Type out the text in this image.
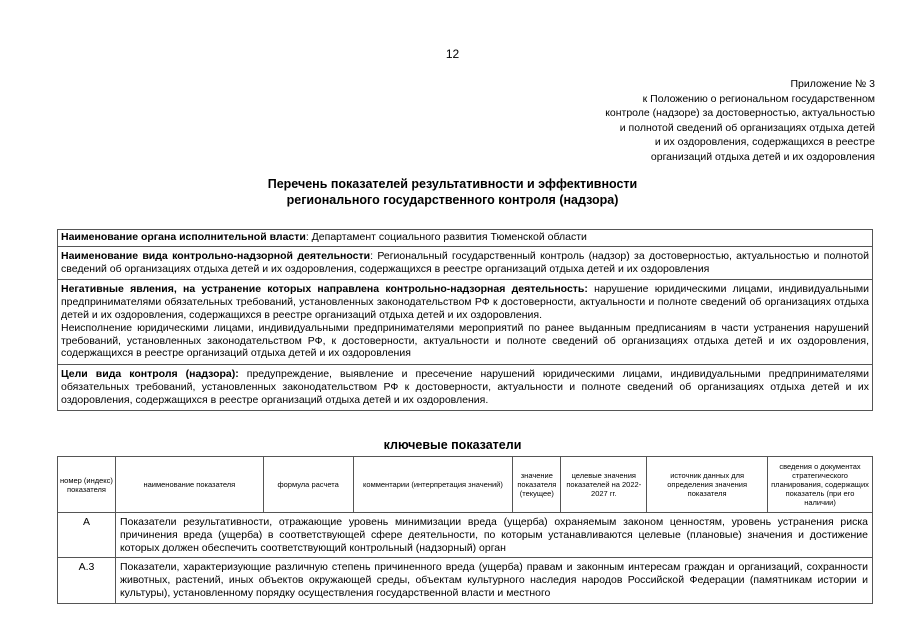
12
Приложение № 3
к Положению о региональном государственном
контроле (надзоре) за достоверностью, актуальностью
и полнотой сведений об организациях отдыха детей
и их оздоровления, содержащихся в реестре
организаций отдыха детей и их оздоровления
Перечень показателей результативности и эффективности
регионального государственного контроля (надзора)
Наименование органа исполнительной власти: Департамент социального развития Тюменской области
Наименование вида контрольно-надзорной деятельности: Региональный государственный контроль (надзор) за достоверностью, актуальностью и полнотой сведений об организациях отдыха детей и их оздоровления, содержащихся в реестре организаций отдыха детей и их оздоровления
Негативные явления, на устранение которых направлена контрольно-надзорная деятельность: нарушение юридическими лицами, индивидуальными предпринимателями обязательных требований, установленных законодательством РФ к достоверности, актуальности и полноте сведений об организациях отдыха детей и их оздоровления, содержащихся в реестре организаций отдыха детей и их оздоровления.
Неисполнение юридическими лицами, индивидуальными предпринимателями мероприятий по ранее выданным предписаниям в части устранения нарушений требований, установленных законодательством РФ, к достоверности, актуальности и полноте сведений об организациях отдыха детей и их оздоровления, содержащихся в реестре организаций отдыха детей и их оздоровления
Цели вида контроля (надзора): предупреждение, выявление и пресечение нарушений юридическими лицами, индивидуальными предпринимателями обязательных требований, установленных законодательством РФ к достоверности, актуальности и полноте сведений об организациях отдыха детей и их оздоровления, содержащихся в реестре организаций отдыха детей и их оздоровления.
ключевые показатели
номер (индекс) показателя	наименование показателя	формула расчета	комментарии (интерпретация значений)	значение показателя (текущее)	целевые значения показателей на 2022-2027 гг.	источник данных для определения значения показателя	сведения о документах стратегического планирования, содержащих показатель (при его наличии)
А	Показатели результативности, отражающие уровень минимизации вреда (ущерба) охраняемым законом ценностям, уровень устранения риска причинения вреда (ущерба) в соответствующей сфере деятельности, по которым устанавливаются целевые (плановые) значения и достижение которых должен обеспечить соответствующий контрольный (надзорный) орган						
А.3	Показатели, характеризующие различную степень причиненного вреда (ущерба) правам и законным интересам граждан и организаций, сохранности животных, растений, иных объектов окружающей среды, объектам культурного наследия народов Российской Федерации (памятникам истории и культуры), установленному порядку осуществления государственной власти и местного						
